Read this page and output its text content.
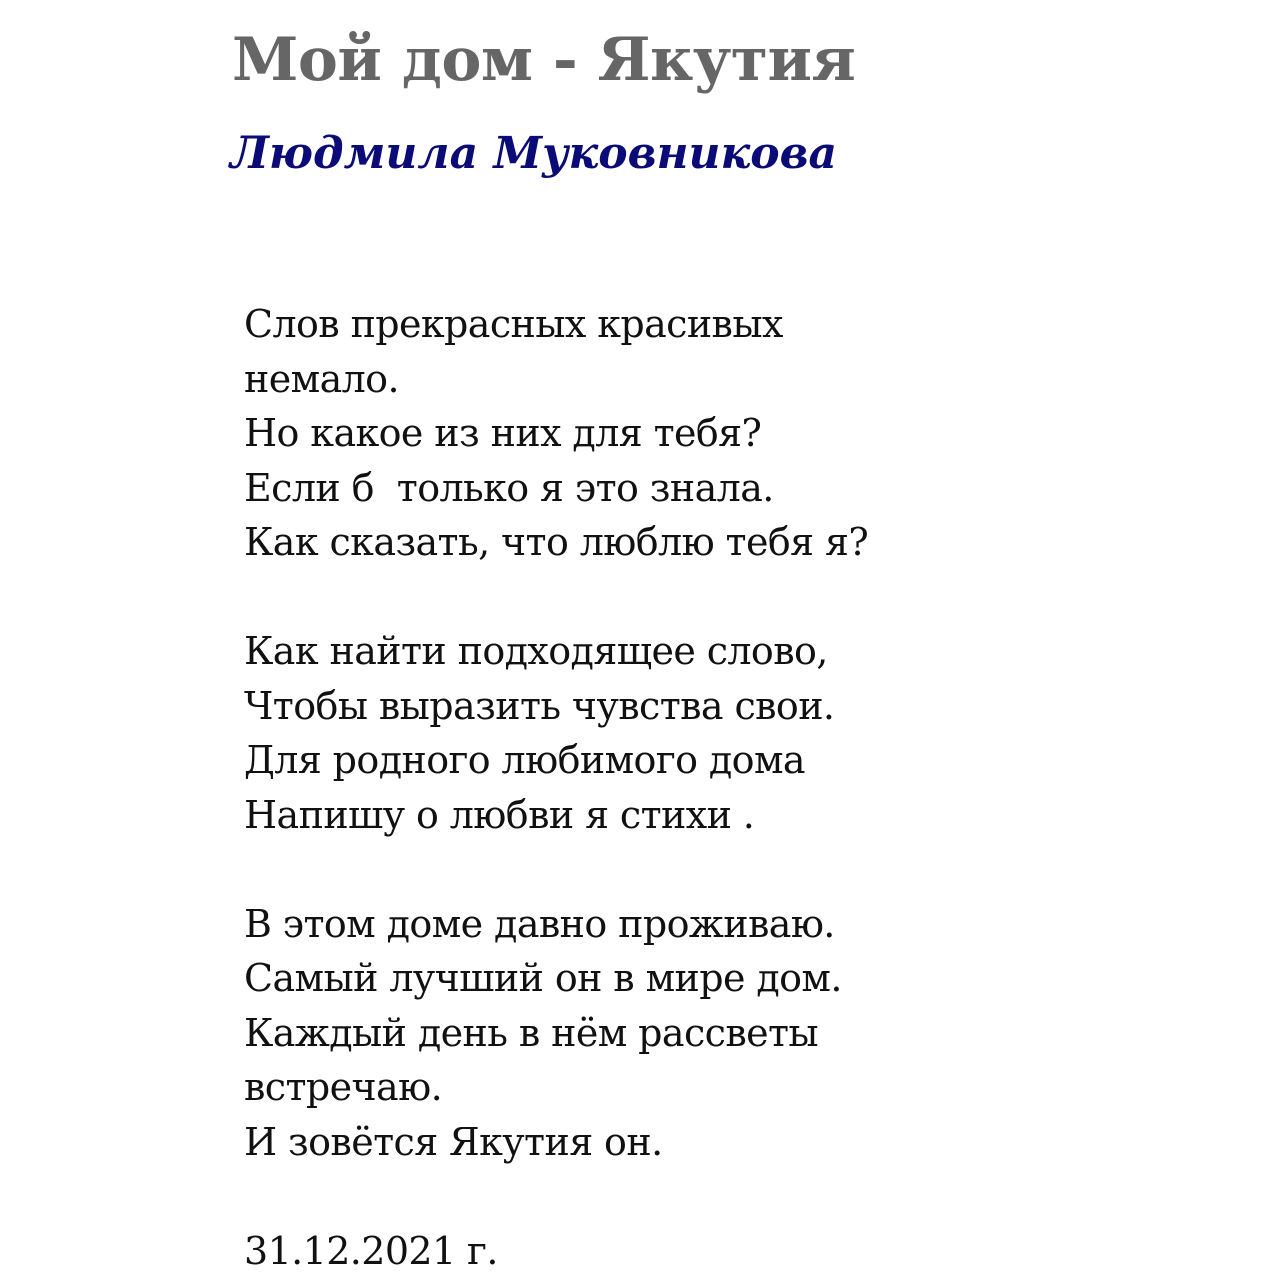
Мой дом - Якутия
Людмила Муковникова

Слов прекрасных красивых
немало.
Но какое из них для тебя?
Если б  только я это знала.
Как сказать, что люблю тебя я?

Как найти подходящее слово,
Чтобы выразить чувства свои.
Для родного любимого дома
Напишу о любви я стихи .

В этом доме давно проживаю.
Самый лучший он в мире дом.
Каждый день в нём рассветы
встречаю.
И зовётся Якутия он.

31.12.2021 г.
